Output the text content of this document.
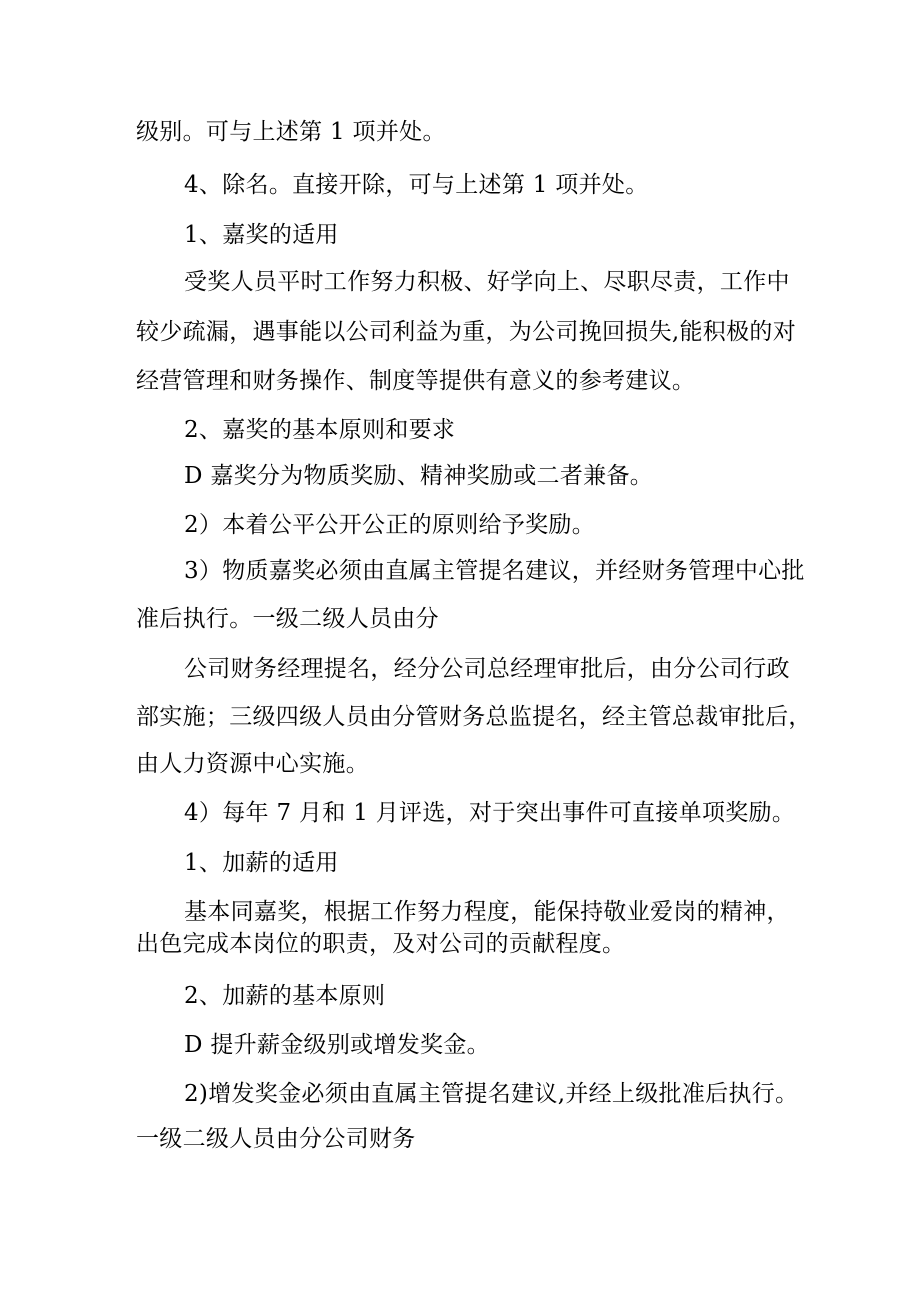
级别。可与上述第 1 项并处。
4、除名。直接开除，可与上述第 1 项并处。
1、嘉奖的适用
受奖人员平时工作努力积极、好学向上、尽职尽责，工作中
较少疏漏，遇事能以公司利益为重，为公司挽回损失,能积极的对
经营管理和财务操作、制度等提供有意义的参考建议。
2、嘉奖的基本原则和要求
D 嘉奖分为物质奖励、精神奖励或二者兼备。
2）本着公平公开公正的原则给予奖励。
3）物质嘉奖必须由直属主管提名建议，并经财务管理中心批
准后执行。一级二级人员由分
公司财务经理提名，经分公司总经理审批后，由分公司行政
部实施；三级四级人员由分管财务总监提名，经主管总裁审批后，
由人力资源中心实施。
4）每年 7 月和 1 月评选，对于突出事件可直接单项奖励。
1、加薪的适用
基本同嘉奖，根据工作努力程度，能保持敬业爱岗的精神，
出色完成本岗位的职责，及对公司的贡献程度。
2、加薪的基本原则
D 提升薪金级别或增发奖金。
2)增发奖金必须由直属主管提名建议,并经上级批准后执行。
一级二级人员由分公司财务
